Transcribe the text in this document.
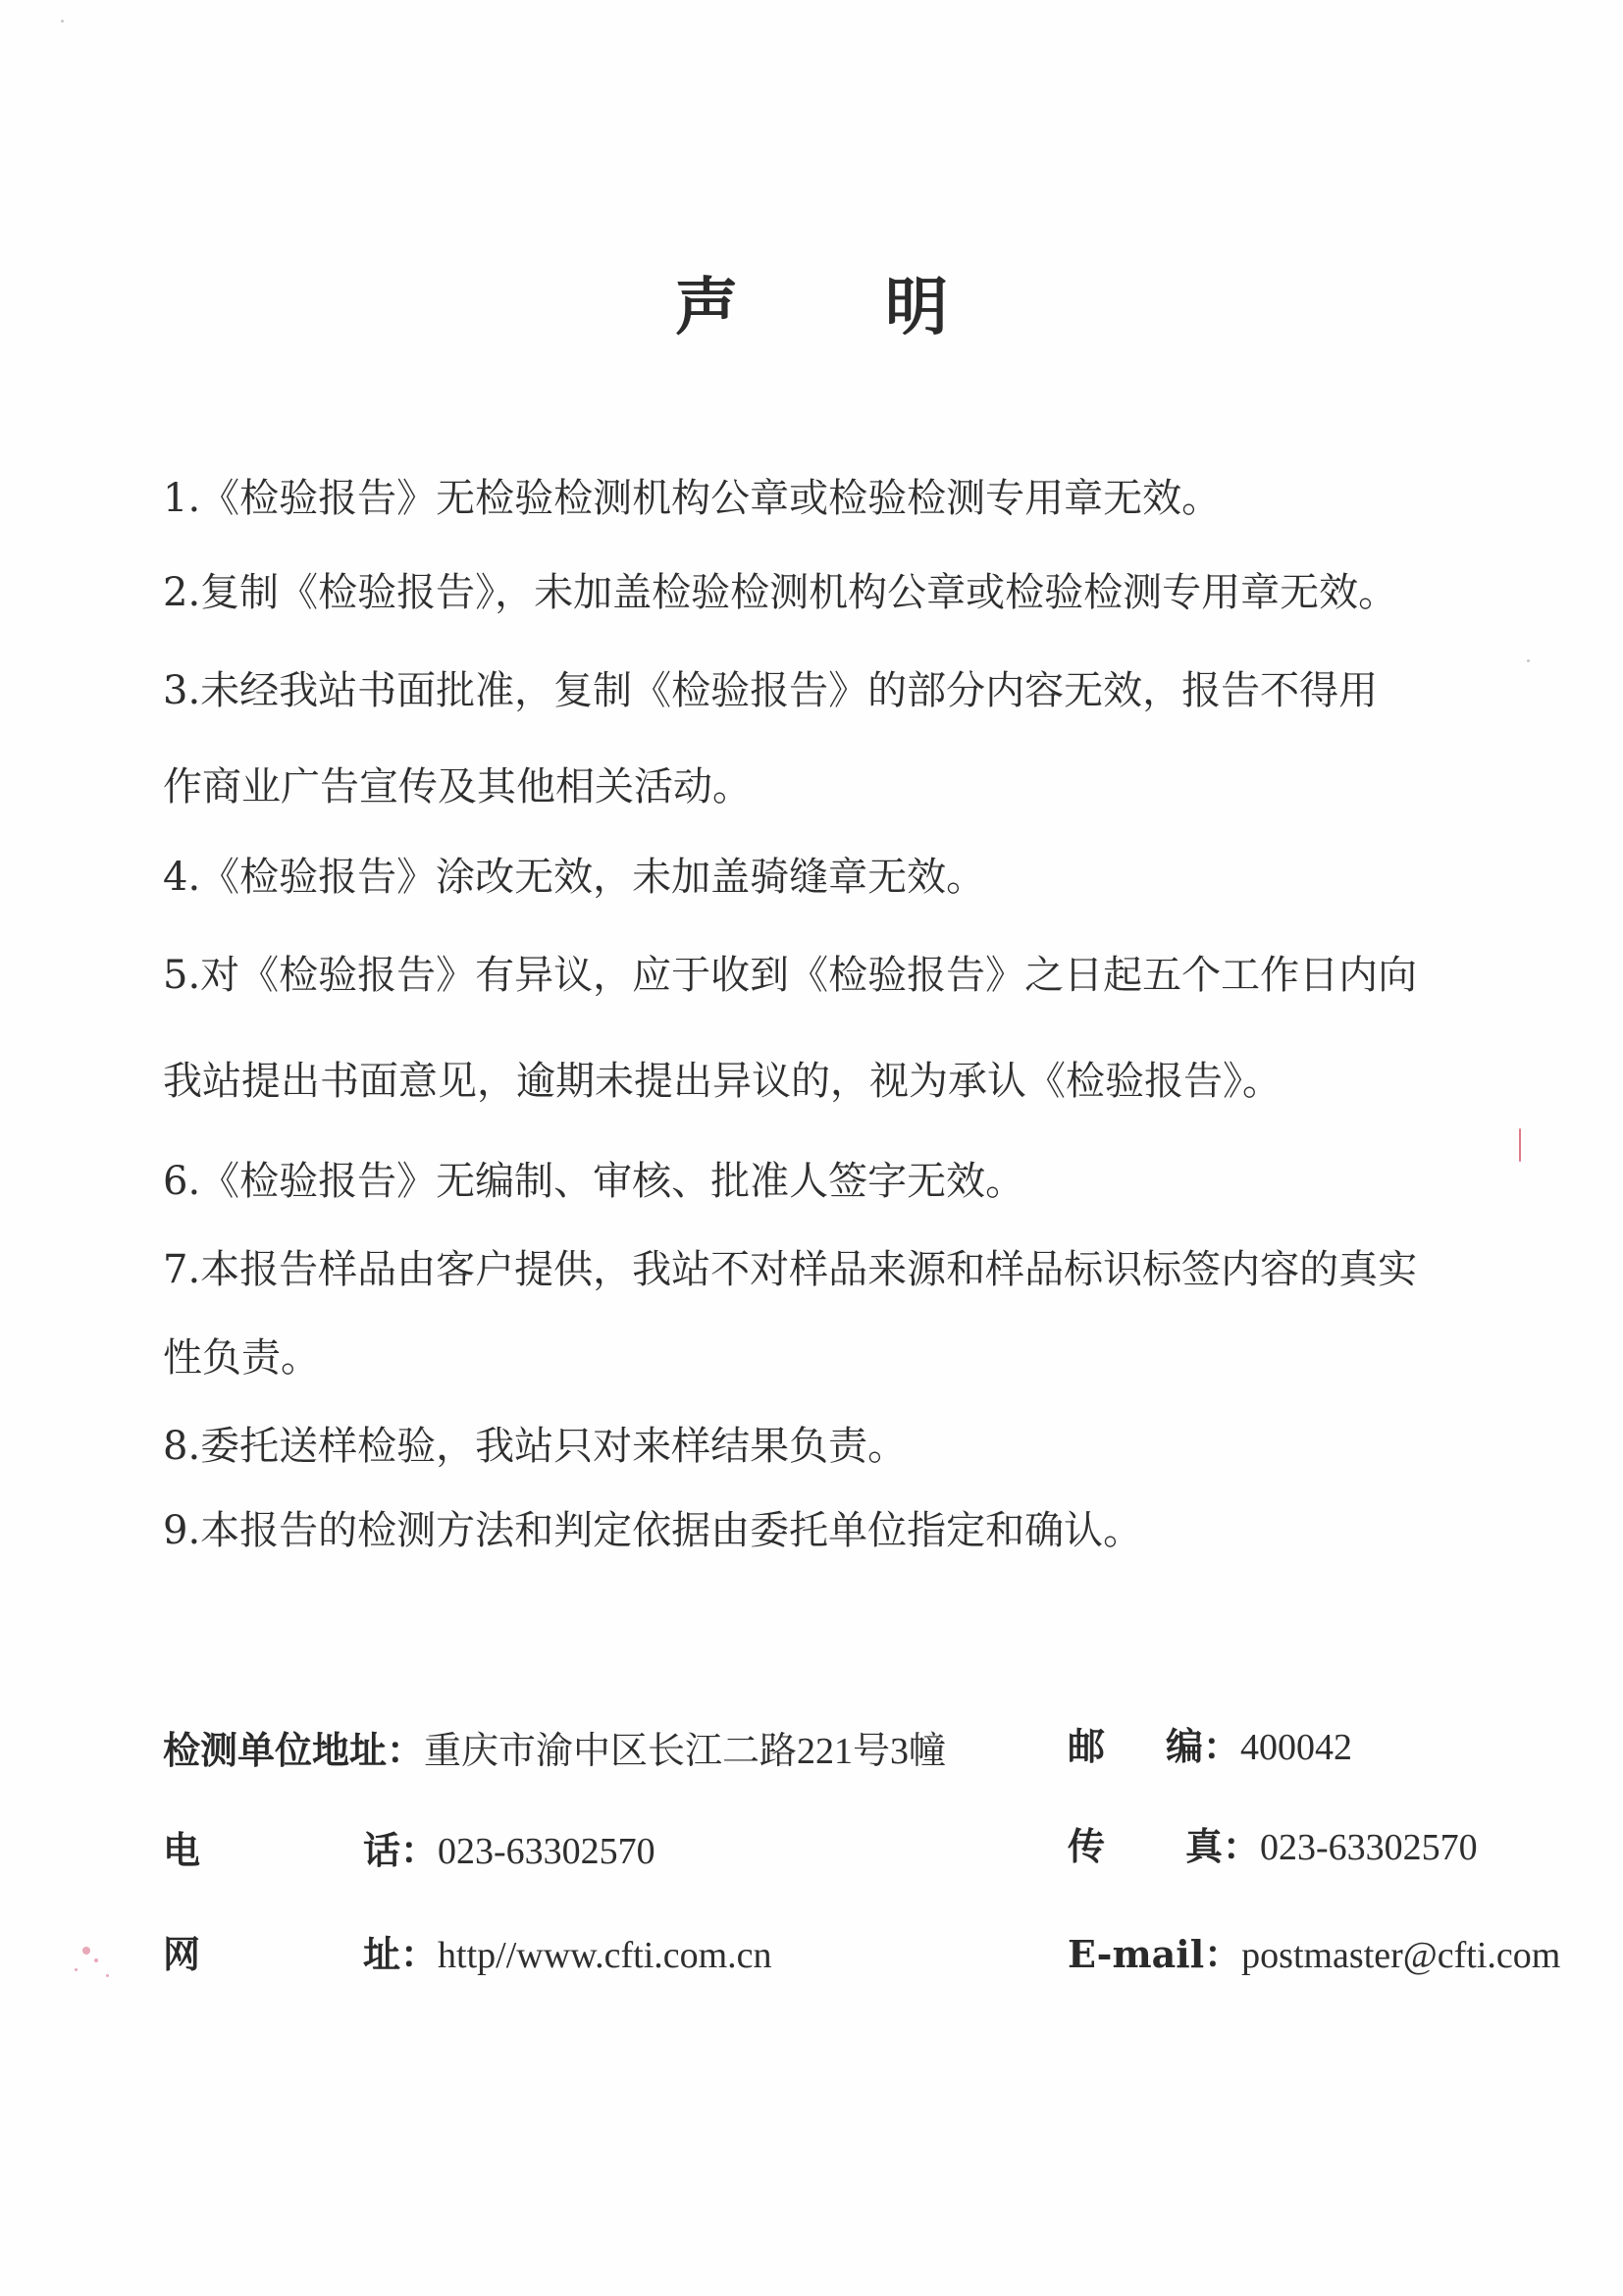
声 明
1.《检验报告》无检验检测机构公章或检验检测专用章无效。
2.复制《检验报告》，未加盖检验检测机构公章或检验检测专用章无效。
3.未经我站书面批准，复制《检验报告》的部分内容无效，报告不得用
作商业广告宣传及其他相关活动。
4.《检验报告》涂改无效，未加盖骑缝章无效。
5.对《检验报告》有异议，应于收到《检验报告》之日起五个工作日内向
我站提出书面意见，逾期未提出异议的，视为承认《检验报告》。
6.《检验报告》无编制、审核、批准人签字无效。
7.本报告样品由客户提供，我站不对样品来源和样品标识标签内容的真实
性负责。
8.委托送样检验，我站只对来样结果负责。
9.本报告的检测方法和判定依据由委托单位指定和确认。
检测单位地址：重庆市渝中区长江二路221号3幢	邮 编：400042
电	话：023-63302570	传 真：023-63302570
网	址：http//www.cfti.com.cn	E-mail：postmaster@cfti.com
